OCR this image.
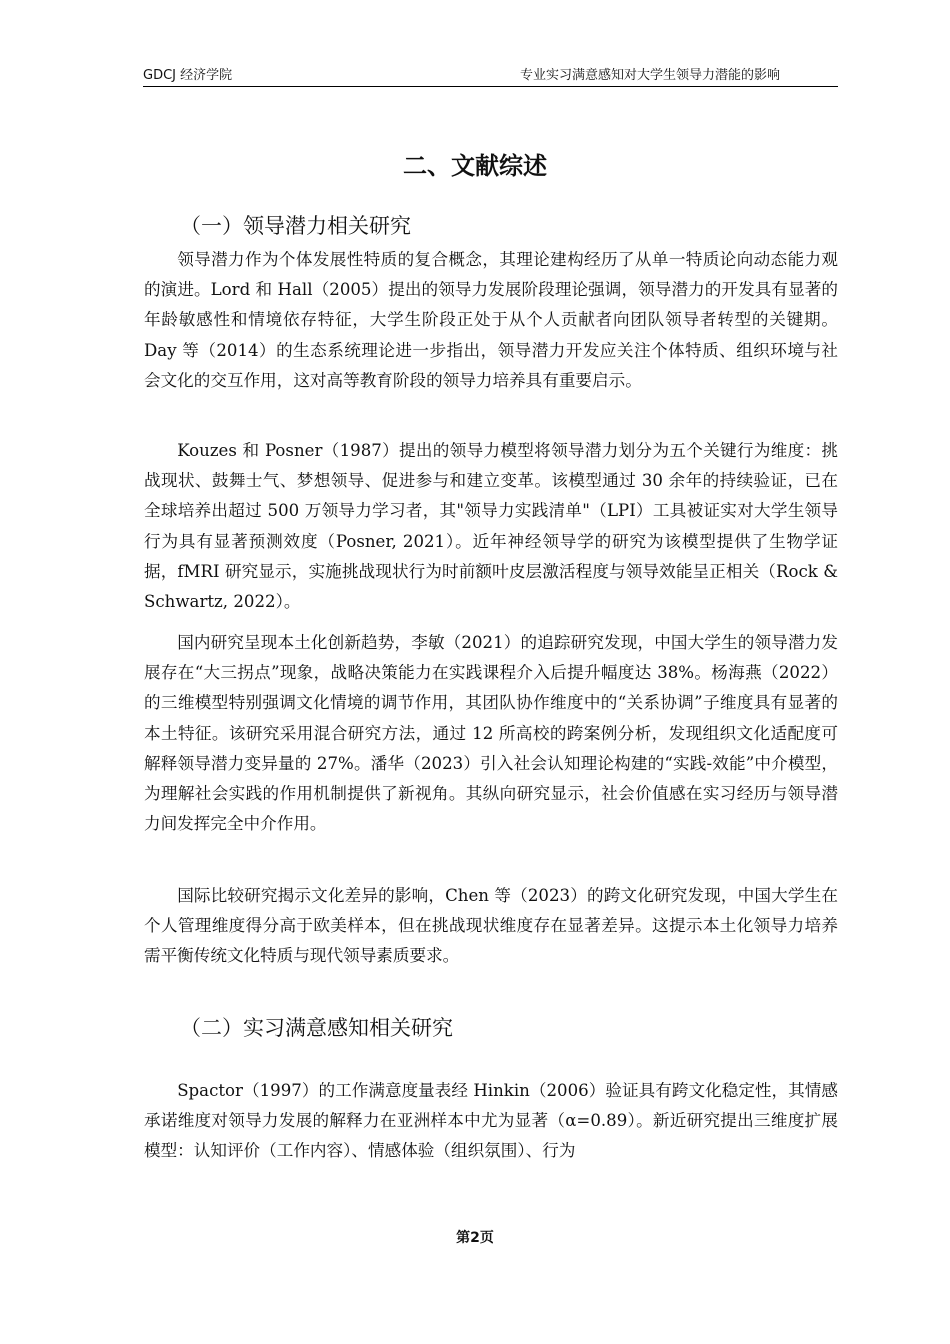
GDCJ 经济学院	专业实习满意感知对大学生领导力潜能的影响
二、文献综述
（一）领导潜力相关研究

领导潜力作为个体发展性特质的复合概念，其理论建构经历了从单一特质论向动态能力观的演进。Lord 和 Hall（2005）提出的领导力发展阶段理论强调，领导潜力的开发具有显著的年龄敏感性和情境依存特征，大学生阶段正处于从个人贡献者向团队领导者转型的关键期。Day 等（2014）的生态系统理论进一步指出，领导潜力开发应关注个体特质、组织环境与社会文化的交互作用，这对高等教育阶段的领导力培养具有重要启示。

Kouzes 和 Posner（1987）提出的领导力模型将领导潜力划分为五个关键行为维度：挑战现状、鼓舞士气、梦想领导、促进参与和建立变革。该模型通过 30 余年的持续验证，已在全球培养出超过 500 万领导力学习者，其"领导力实践清单"（LPI）工具被证实对大学生领导行为具有显著预测效度（Posner, 2021）。近年神经领导学的研究为该模型提供了生物学证据，fMRI 研究显示，实施挑战现状行为时前额叶皮层激活程度与领导效能呈正相关（Rock & Schwartz, 2022）。

国内研究呈现本土化创新趋势，李敏（2021）的追踪研究发现，中国大学生的领导潜力发展存在“大三拐点”现象，战略决策能力在实践课程介入后提升幅度达 38%。杨海燕（2022）的三维模型特别强调文化情境的调节作用，其团队协作维度中的“关系协调”子维度具有显著的本土特征。该研究采用混合研究方法，通过 12 所高校的跨案例分析，发现组织文化适配度可解释领导潜力变异量的 27%。潘华（2023）引入社会认知理论构建的“实践-效能”中介模型，为理解社会实践的作用机制提供了新视角。其纵向研究显示，社会价值感在实习经历与领导潜力间发挥完全中介作用。

国际比较研究揭示文化差异的影响，Chen 等（2023）的跨文化研究发现，中国大学生在个人管理维度得分高于欧美样本，但在挑战现状维度存在显著差异。这提示本土化领导力培养需平衡传统文化特质与现代领导素质要求。

（二）实习满意感知相关研究

Spactor（1997）的工作满意度量表经 Hinkin（2006）验证具有跨文化稳定性，其情感承诺维度对领导力发展的解释力在亚洲样本中尤为显著（α=0.89）。新近研究提出三维度扩展模型：认知评价（工作内容）、情感体验（组织氛围）、行为

第2页
